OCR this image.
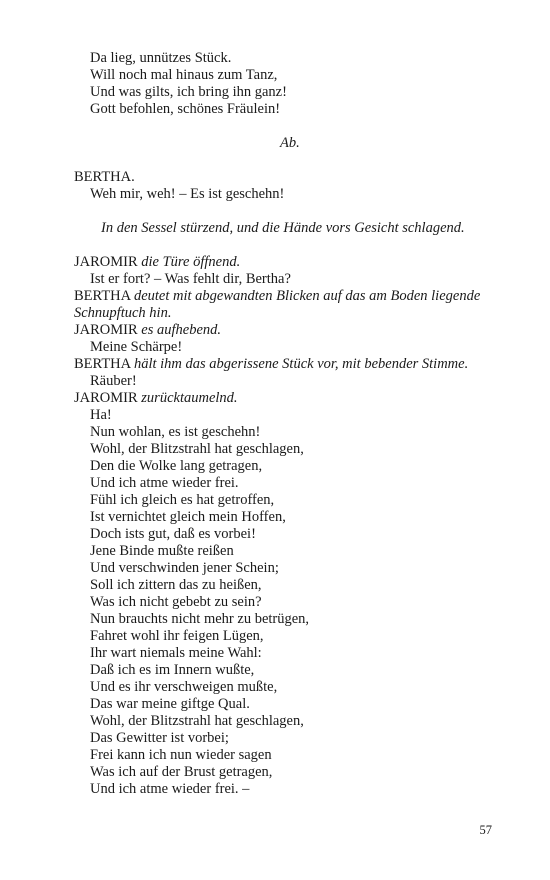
Da lieg, unnützes Stück.
Will noch mal hinaus zum Tanz,
Und was gilts, ich bring ihn ganz!
Gott befohlen, schönes Fräulein!
Ab.
BERTHA.
Weh mir, weh! – Es ist geschehn!
In den Sessel stürzend, und die Hände vors Gesicht schlagend.
JAROMIR die Türe öffnend.
Ist er fort? – Was fehlt dir, Bertha?
BERTHA deutet mit abgewandten Blicken auf das am Boden liegende
Schnupftuch hin.
JAROMIR es aufhebend.
Meine Schärpe!
BERTHA hält ihm das abgerissene Stück vor, mit bebender Stimme.
Räuber!
JAROMIR zurücktaumelnd.
Ha!
Nun wohlan, es ist geschehn!
Wohl, der Blitzstrahl hat geschlagen,
Den die Wolke lang getragen,
Und ich atme wieder frei.
Fühl ich gleich es hat getroffen,
Ist vernichtet gleich mein Hoffen,
Doch ists gut, daß es vorbei!
Jene Binde mußte reißen
Und verschwinden jener Schein;
Soll ich zittern das zu heißen,
Was ich nicht gebebt zu sein?
Nun brauchts nicht mehr zu betrügen,
Fahret wohl ihr feigen Lügen,
Ihr wart niemals meine Wahl:
Daß ich es im Innern wußte,
Und es ihr verschweigen mußte,
Das war meine giftge Qual.
Wohl, der Blitzstrahl hat geschlagen,
Das Gewitter ist vorbei;
Frei kann ich nun wieder sagen
Was ich auf der Brust getragen,
Und ich atme wieder frei. –
57
